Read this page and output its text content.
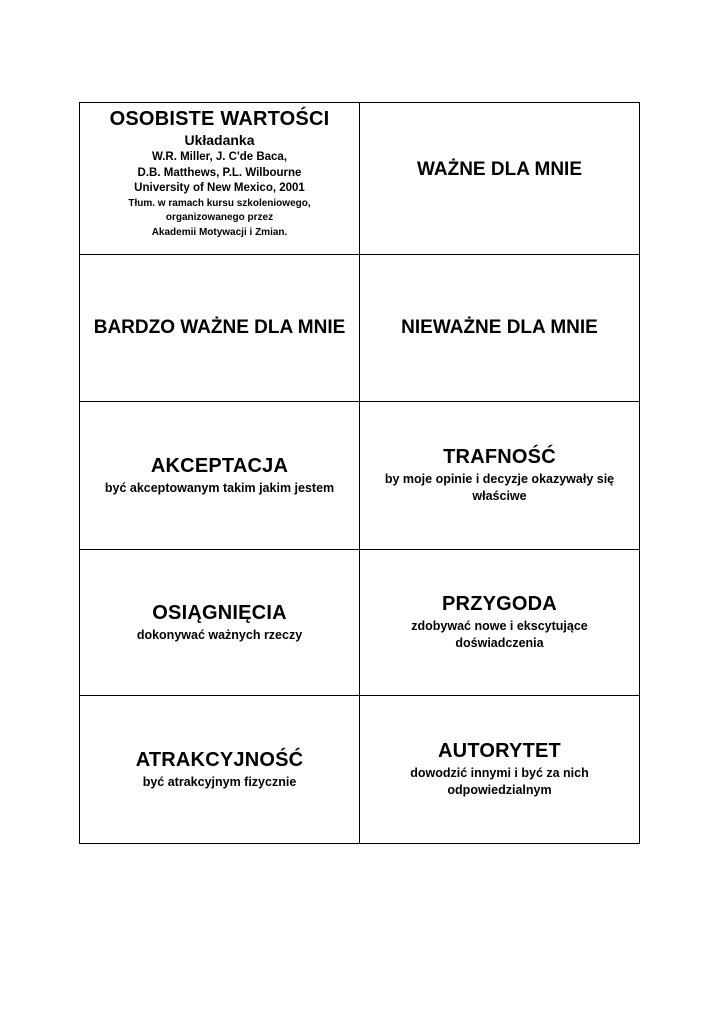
OSOBISTE WARTOŚCI
Układanka
W.R. Miller, J. C'de Baca,
D.B. Matthews, P.L. Wilbourne
University of New Mexico, 2001
Tłum. w ramach kursu szkoleniowego,
organizowanego przez
Akademii Motywacji i Zmian.
WAŻNE DLA MNIE
BARDZO WAŻNE DLA MNIE	NIEWAŻNE DLA MNIE
AKCEPTACJA
być akceptowanym takim jakim jestem
TRAFNOŚĆ
by moje opinie i decyzje okazywały się właściwe
OSIĄGNIĘCIA
dokonywać ważnych rzeczy
PRZYGODA
zdobywać nowe i ekscytujące doświadczenia
ATRAKCYJNOŚĆ
być atrakcyjnym fizycznie
AUTORYTET
dowodzić innymi i być za nich odpowiedzialnym
